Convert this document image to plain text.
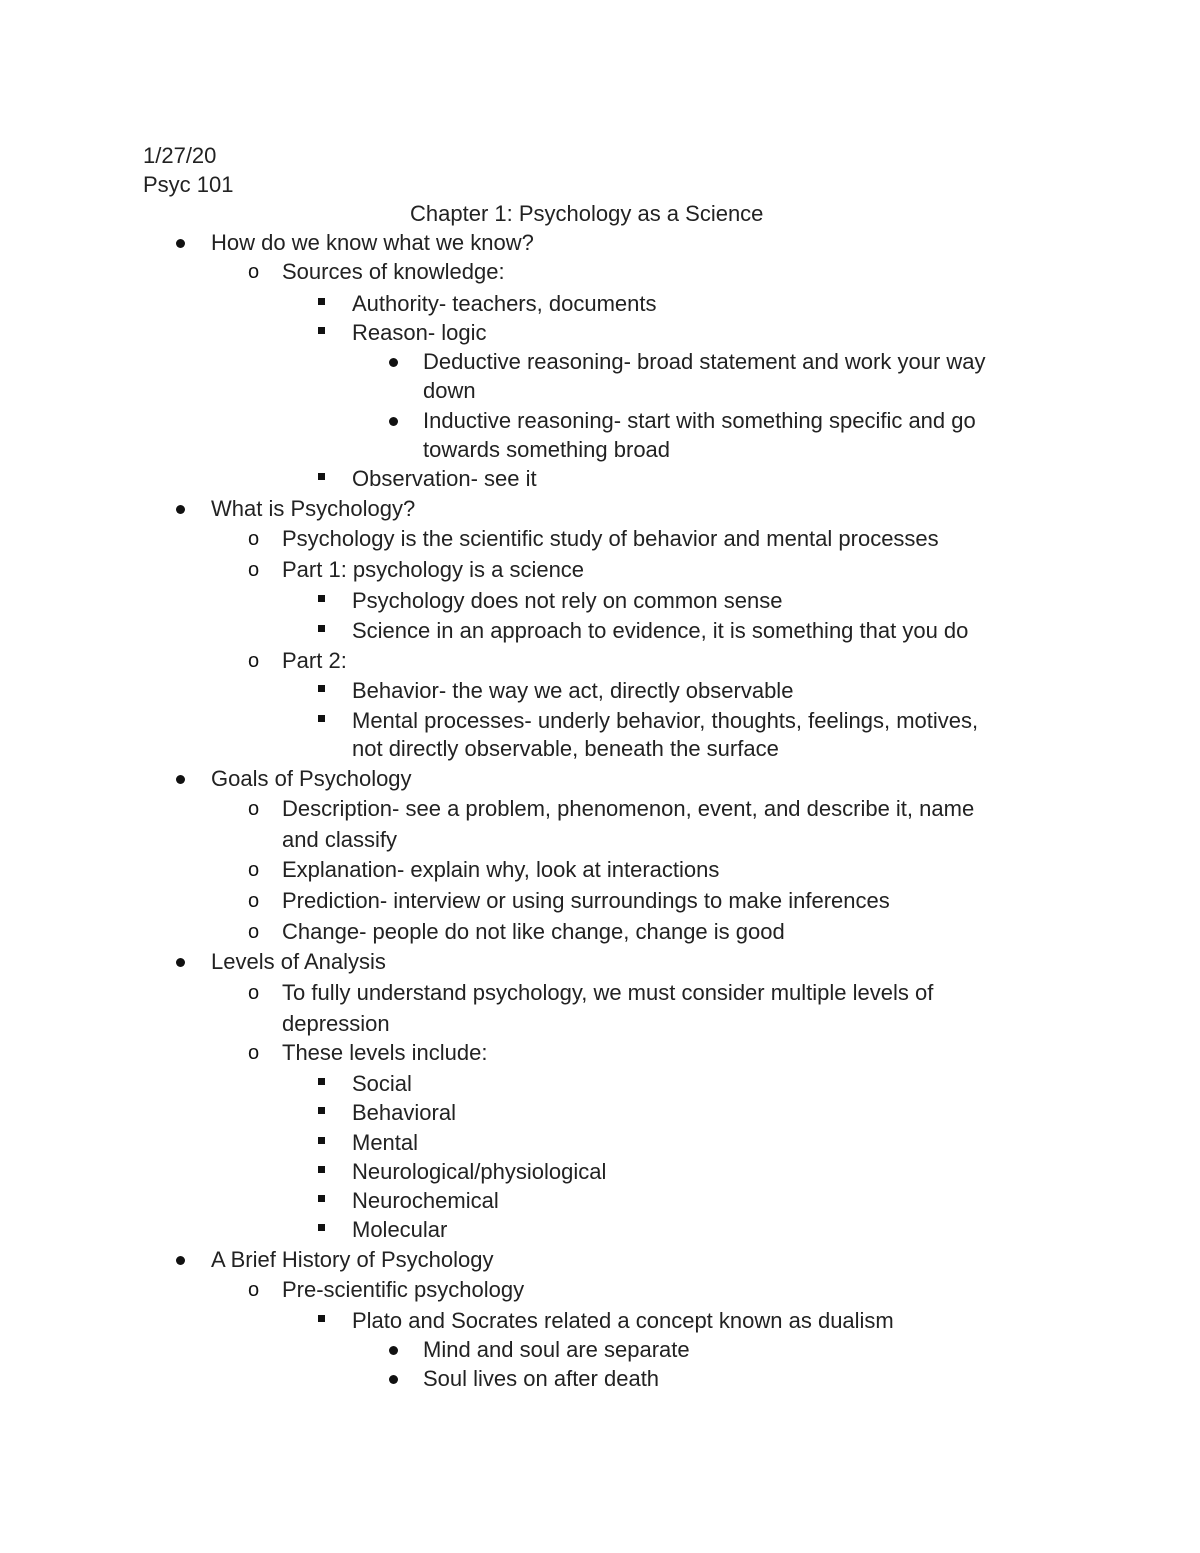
1/27/20
Psyc 101
Chapter 1: Psychology as a Science
How do we know what we know?
o Sources of knowledge:
Authority- teachers, documents
Reason- logic
Deductive reasoning- broad statement and work your way
down
Inductive reasoning- start with something specific and go
towards something broad
Observation- see it
What is Psychology?
o Psychology is the scientific study of behavior and mental processes
o Part 1: psychology is a science
Psychology does not rely on common sense
Science in an approach to evidence, it is something that you do
o Part 2:
Behavior- the way we act, directly observable
Mental processes- underly behavior, thoughts, feelings, motives,
not directly observable, beneath the surface
Goals of Psychology
o Description- see a problem, phenomenon, event, and describe it, name
and classify
o Explanation- explain why, look at interactions
o Prediction- interview or using surroundings to make inferences
o Change- people do not like change, change is good
Levels of Analysis
o To fully understand psychology, we must consider multiple levels of
depression
o These levels include:
Social
Behavioral
Mental
Neurological/physiological
Neurochemical
Molecular
A Brief History of Psychology
o Pre-scientific psychology
Plato and Socrates related a concept known as dualism
Mind and soul are separate
Soul lives on after death
